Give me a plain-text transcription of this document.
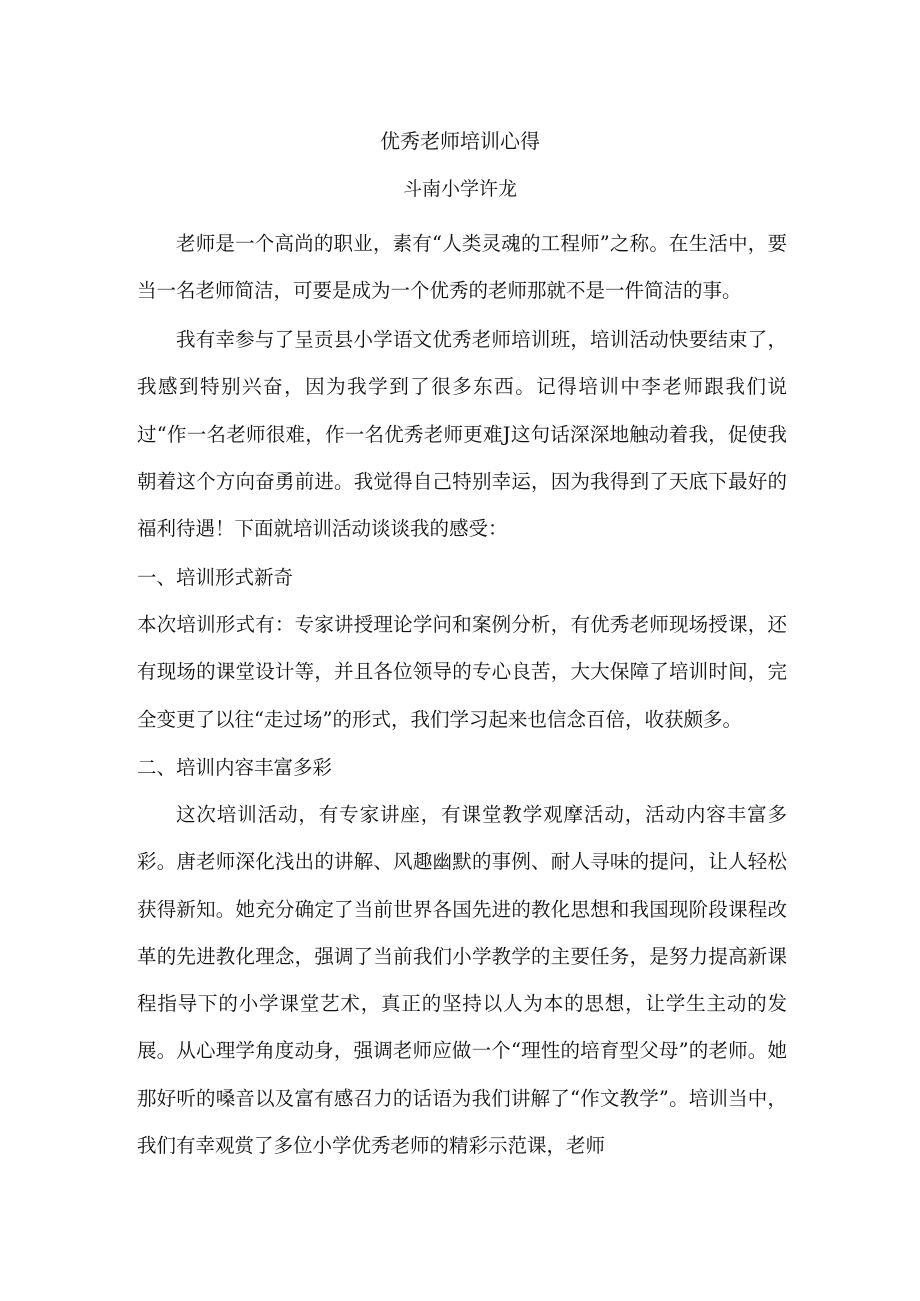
优秀老师培训心得
斗南小学许龙

老师是一个高尚的职业，素有“人类灵魂的工程师”之称。在生活中，要当一名老师简洁，可要是成为一个优秀的老师那就不是一件简洁的事。

我有幸参与了呈贡县小学语文优秀老师培训班，培训活动快要结束了，我感到特别兴奋，因为我学到了很多东西。记得培训中李老师跟我们说过“作一名老师很难，作一名优秀老师更难J这句话深深地触动着我，促使我朝着这个方向奋勇前进。我觉得自己特别幸运，因为我得到了天底下最好的福利待遇！下面就培训活动谈谈我的感受：

一、培训形式新奇

本次培训形式有：专家讲授理论学问和案例分析，有优秀老师现场授课，还有现场的课堂设计等，并且各位领导的专心良苦，大大保障了培训时间，完全变更了以往“走过场”的形式，我们学习起来也信念百倍，收获颇多。

二、培训内容丰富多彩

这次培训活动，有专家讲座，有课堂教学观摩活动，活动内容丰富多彩。唐老师深化浅出的讲解、风趣幽默的事例、耐人寻味的提问，让人轻松获得新知。她充分确定了当前世界各国先进的教化思想和我国现阶段课程改革的先进教化理念，强调了当前我们小学教学的主要任务，是努力提高新课程指导下的小学课堂艺术，真正的坚持以人为本的思想，让学生主动的发展。从心理学角度动身，强调老师应做一个“理性的培育型父母”的老师。她那好听的嗓音以及富有感召力的话语为我们讲解了“作文教学”。培训当中，我们有幸观赏了多位小学优秀老师的精彩示范课，老师
